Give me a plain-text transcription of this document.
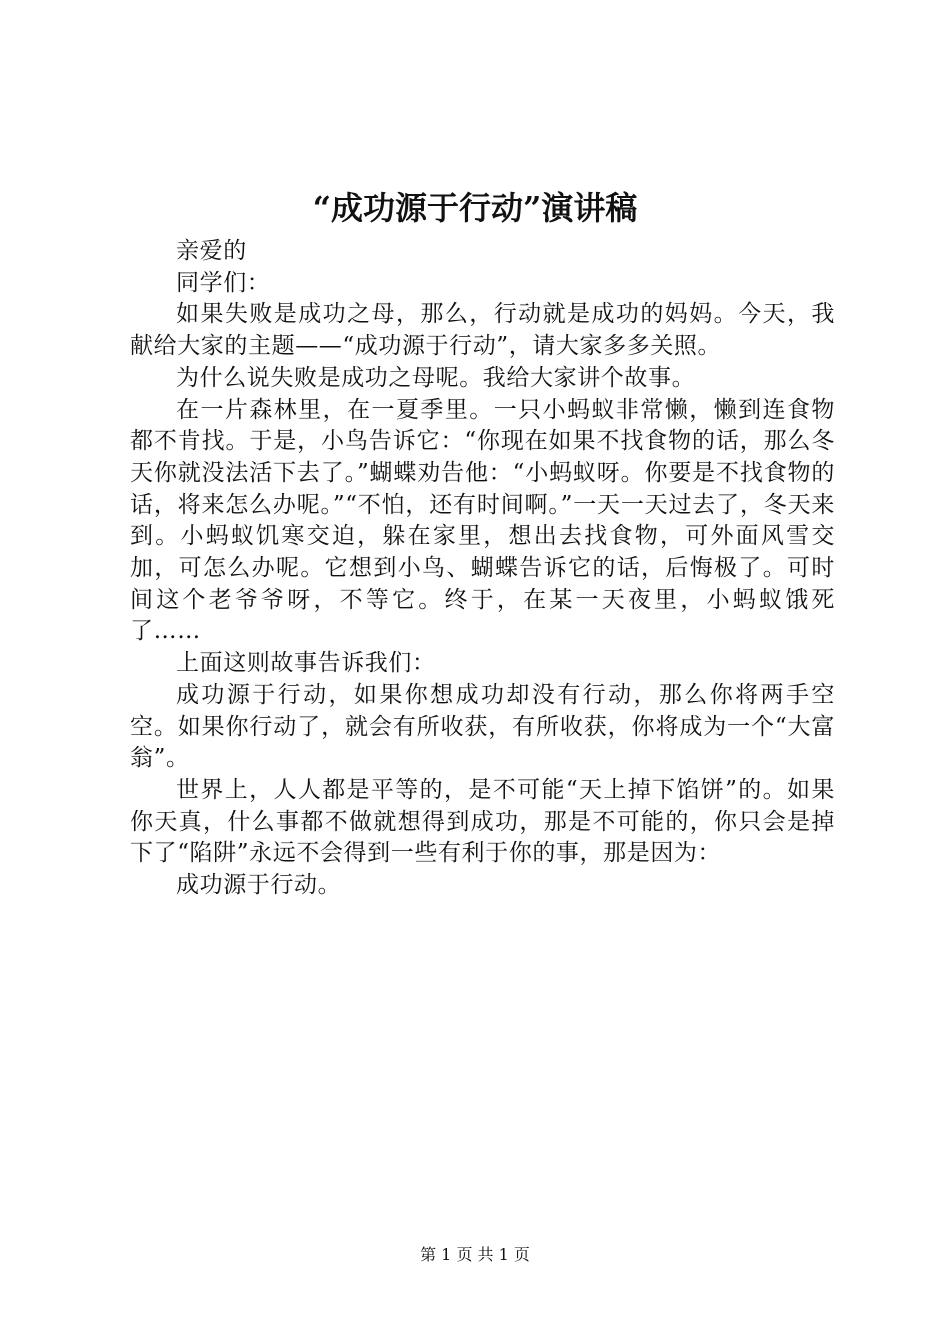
“成功源于行动”演讲稿

亲爱的

同学们：

如果失败是成功之母，那么，行动就是成功的妈妈。今天，我献给大家的主题——“成功源于行动”，请大家多多关照。

为什么说失败是成功之母呢。我给大家讲个故事。

在一片森林里，在一夏季里。一只小蚂蚁非常懒，懒到连食物都不肯找。于是，小鸟告诉它：“你现在如果不找食物的话，那么冬天你就没法活下去了。”蝴蝶劝告他：“小蚂蚁呀。你要是不找食物的话，将来怎么办呢。”“不怕，还有时间啊。”一天一天过去了，冬天来到。小蚂蚁饥寒交迫，躲在家里，想出去找食物，可外面风雪交加，可怎么办呢。它想到小鸟、蝴蝶告诉它的话，后悔极了。可时间这个老爷爷呀，不等它。终于，在某一天夜里，小蚂蚁饿死了……

上面这则故事告诉我们：

成功源于行动，如果你想成功却没有行动，那么你将两手空空。如果你行动了，就会有所收获，有所收获，你将成为一个“大富翁”。

世界上，人人都是平等的，是不可能“天上掉下馅饼”的。如果你天真，什么事都不做就想得到成功，那是不可能的，你只会是掉下了“陷阱”永远不会得到一些有利于你的事，那是因为：

成功源于行动。

第 1 页 共 1 页
